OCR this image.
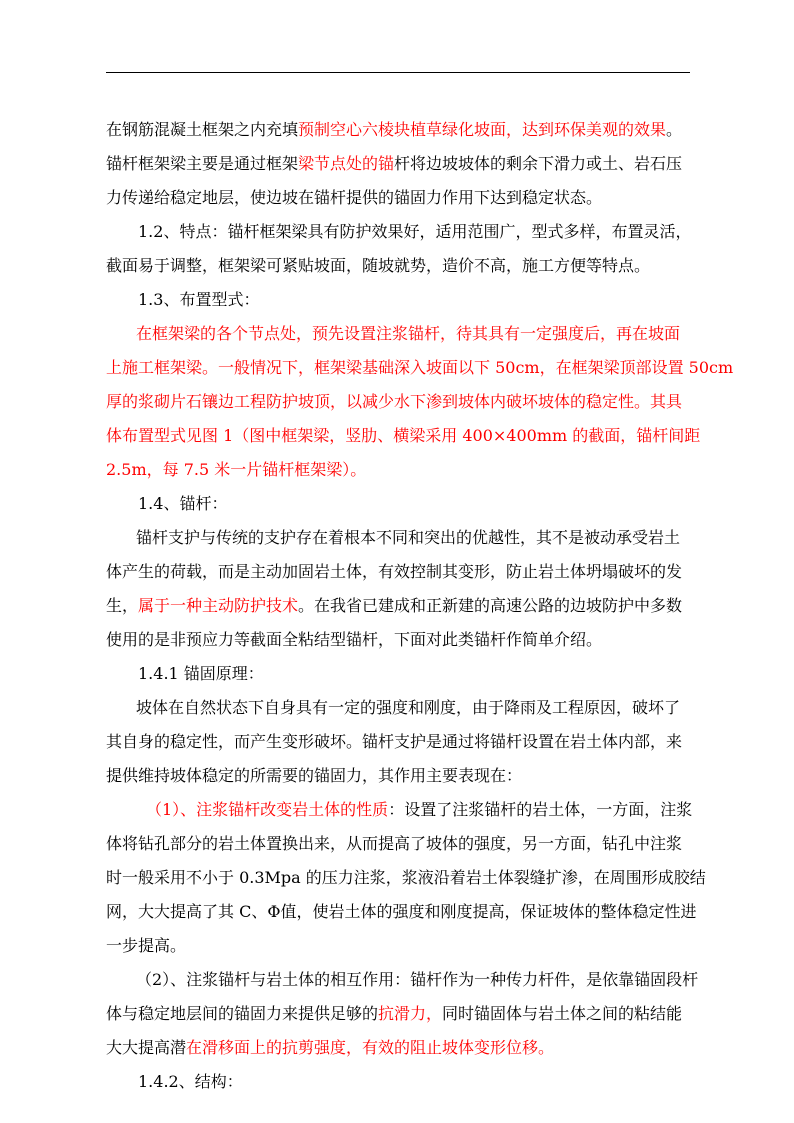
在钢筋混凝土框架之内充填预制空心六棱块植草绿化坡面，达到环保美观的效果。
锚杆框架梁主要是通过框架梁节点处的锚杆将边坡坡体的剩余下滑力或土、岩石压
力传递给稳定地层，使边坡在锚杆提供的锚固力作用下达到稳定状态。
1.2、特点：锚杆框架梁具有防护效果好，适用范围广，型式多样，布置灵活，
截面易于调整，框架梁可紧贴坡面，随坡就势，造价不高，施工方便等特点。
1.3、布置型式：
在框架梁的各个节点处，预先设置注浆锚杆，待其具有一定强度后，再在坡面
上施工框架梁。一般情况下，框架梁基础深入坡面以下 50cm，在框架梁顶部设置 50cm
厚的浆砌片石镶边工程防护坡顶，以减少水下渗到坡体内破坏坡体的稳定性。其具
体布置型式见图 1（图中框架梁，竖肋、横梁采用 400×400mm 的截面，锚杆间距
2.5m，每 7.5 米一片锚杆框架梁）。
1.4、锚杆：
锚杆支护与传统的支护存在着根本不同和突出的优越性，其不是被动承受岩土
体产生的荷载，而是主动加固岩土体，有效控制其变形，防止岩土体坍塌破坏的发
生，属于一种主动防护技术。在我省已建成和正新建的高速公路的边坡防护中多数
使用的是非预应力等截面全粘结型锚杆，下面对此类锚杆作简单介绍。
1.4.1 锚固原理：
坡体在自然状态下自身具有一定的强度和刚度，由于降雨及工程原因，破坏了
其自身的稳定性，而产生变形破坏。锚杆支护是通过将锚杆设置在岩土体内部，来
提供维持坡体稳定的所需要的锚固力，其作用主要表现在：
（1）、注浆锚杆改变岩土体的性质：设置了注浆锚杆的岩土体，一方面，注浆
体将钻孔部分的岩土体置换出来，从而提高了坡体的强度，另一方面，钻孔中注浆
时一般采用不小于 0.3Mpa 的压力注浆，浆液沿着岩土体裂缝扩渗，在周围形成胶结
网，大大提高了其 C、Φ值，使岩土体的强度和刚度提高，保证坡体的整体稳定性进
一步提高。
（2）、注浆锚杆与岩土体的相互作用：锚杆作为一种传力杆件，是依靠锚固段杆
体与稳定地层间的锚固力来提供足够的抗滑力，同时锚固体与岩土体之间的粘结能
大大提高潜在滑移面上的抗剪强度，有效的阻止坡体变形位移。
1.4.2、结构：
